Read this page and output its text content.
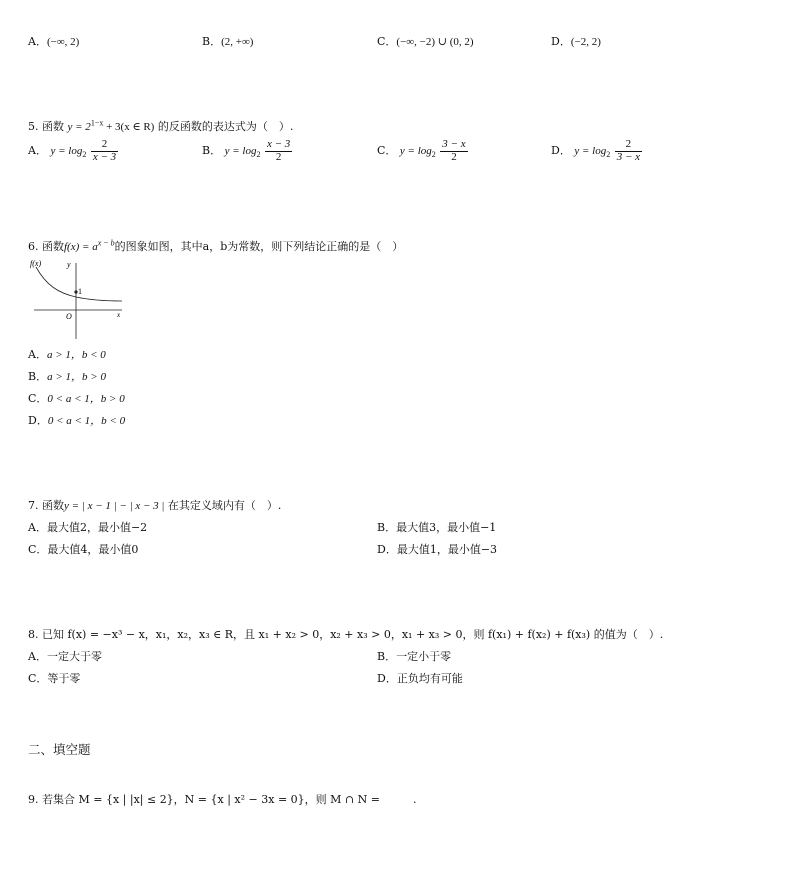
A．(−∞, 2)	B．(2, +∞)	C．(−∞, −2) ∪ (0, 2)	D．(−2, 2)
5. 函数 $y = 2^{1-x} + 3(x$ ∈ R) 的反函数的表达式为（　）.
A． $y = \log_2 \frac{2}{x - 3}$	B． $y = \log_2 \frac{x - 3}{2}$	C． $y = \log_2 \frac{3 - x}{2}$	D． $y = \log_2 \frac{2}{3 - x}$
6. 函数$f(x) = a^{x - b}$的图象如图，其中a，b为常数，则下列结论正确的是（　）
f(x)	y
1
O	x
A．a > 1，b < 0
B．a > 1，b > 0
C．0 < a < 1，b > 0
D．0 < a < 1，b < 0
7. 函数y = | x − 1 | − | x − 3 | 在其定义域内有（　）.
A．最大值2，最小值−2	B．最大值3，最小值−1
C．最大值4，最小值0	D．最大值1，最小值−3
8. 已知 f(x) = −x³ − x，x₁，x₂，x₃ ∈ R，且 x₁ + x₂ > 0，x₂ + x₃ > 0，x₁ + x₃ > 0，则 f(x₁) + f(x₂) + f(x₃) 的值为（　）.
A．一定大于零	B．一定小于零
C．等于零	D．正负均有可能
二、填空题
9. 若集合 M = {x | |x| ≤ 2}，N = {x | x² − 3x = 0}，则 M ∩ N =　　　.
